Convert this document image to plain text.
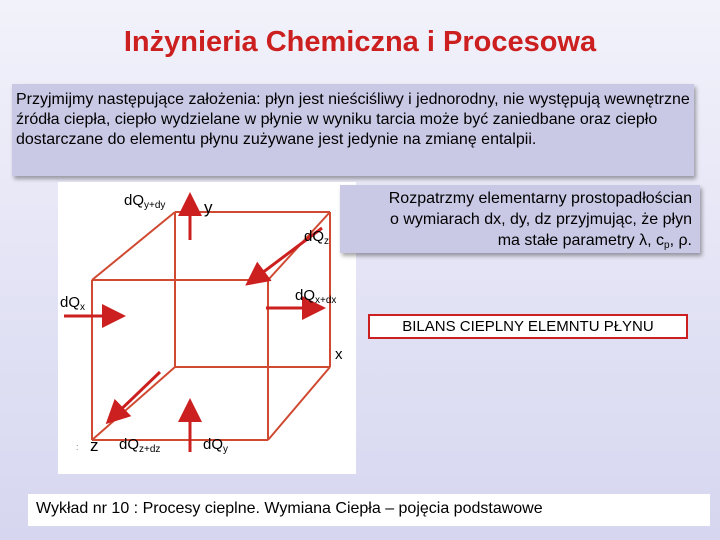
Inżynieria Chemiczna i Procesowa
Przyjmijmy następujące założenia: płyn jest nieściśliwy i jednorodny, nie występują wewnętrzne źródła ciepła, ciepło wydzielane w płynie w wyniku tarcia może być zaniedbane oraz ciepło dostarczane do elementu płynu zużywane jest jedynie na zmianę entalpii.
Rozpatrzmy elementarny prostopadłościan
o wymiarach dx, dy, dz przyjmując, że płyn
ma stałe parametry λ, $c_p$, ρ.
BILANS CIEPLNY ELEMNTU PŁYNU
$dQ_{y+dy}$
$dQ_z$
$dQ_{x+dx}$
$dQ_x$
$dQ_{z+dz}$	$dQ_y$
y
x
z
:
Wykład nr 10 : Procesy cieplne. Wymiana Ciepła – pojęcia podstawowe
